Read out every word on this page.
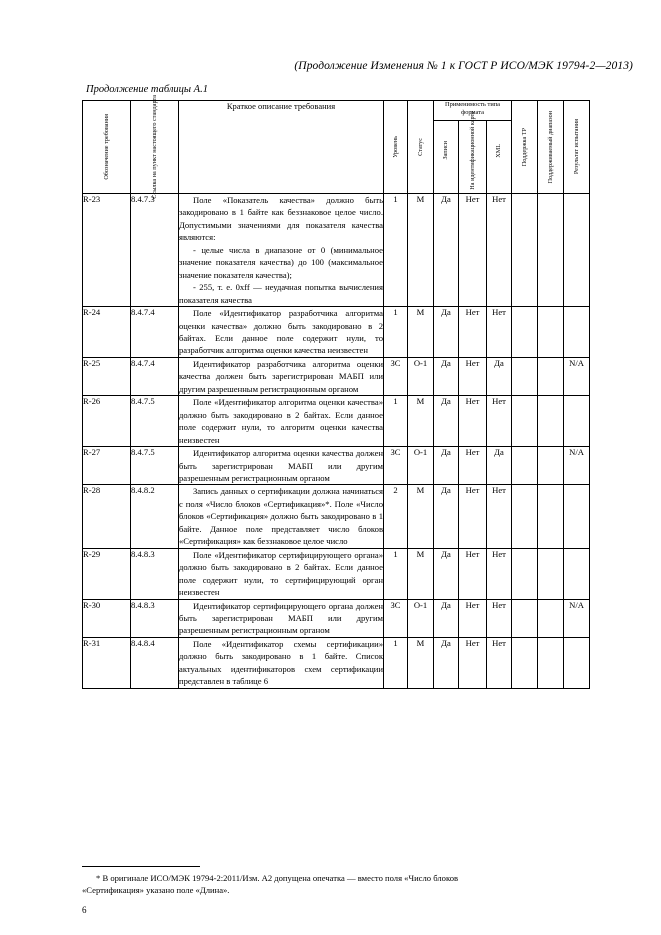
(Продолжение Изменения № 1 к ГОСТ Р ИСО/МЭК 19794-2—2013)
Продолжение таблицы А.1
Обозначение требования	Ссылка на пункт настоящего стандарта	Краткое описание требования	Уровень	Статус	Применимость типа формата			Поддержка ТР	Поддерживаемый диапазон	Результат испытания

					Записи	На идентификационной карте	XML			

R-23	8.4.7.3	Поле «Показатель качества» должно быть закодировано в 1 байте как беззнаковое целое число. Допустимыми значениями для показателя качества являются:

- целые числа в диапазоне от 0 (минимальное значение показателя качества) до 100 (максимальное значение показателя качества);

- 255, т. е. 0xff — неудачная попытка вычисления показателя качества	1	М	Да	Нет	Нет			
R-24	8.4.7.4	Поле «Идентификатор разработчика алгоритма оценки качества» должно быть закодировано в 2 байтах. Если данное поле содержит нули, то разработчик алгоритма оценки качества неизвестен	1	М	Да	Нет	Нет			
R-25	8.4.7.4	Идентификатор разработчика алгоритма оценки качества должен быть зарегистрирован МАБП или другим разрешенным регистрационным органом	ЗС	О-1	Да	Нет	Да			N/A
R-26	8.4.7.5	Поле «Идентификатор алгоритма оценки качества» должно быть закодировано в 2 байтах. Если данное поле содержит нули, то алгоритм оценки качества неизвестен	1	М	Да	Нет	Нет			
R-27	8.4.7.5	Идентификатор алгоритма оценки качества должен быть зарегистрирован МАБП или другим разрешенным регистрационным органом	ЗС	О-1	Да	Нет	Да			N/A
R-28	8.4.8.2	Запись данных о сертификации должна начинаться с поля «Число блоков «Сертификация»*. Поле «Число блоков «Сертификация» должно быть закодировано в 1 байте. Данное поле представляет число блоков «Сертификация» как беззнаковое целое число	2	М	Да	Нет	Нет			
R-29	8.4.8.3	Поле «Идентификатор сертифицирующего органа» должно быть закодировано в 2 байтах. Если данное поле содержит нули, то сертифицирующий орган неизвестен	1	М	Да	Нет	Нет			
R-30	8.4.8.3	Идентификатор сертифицирующего органа должен быть зарегистрирован МАБП или другим разрешенным регистрационным органом	ЗС	О-1	Да	Нет	Нет			N/A
R-31	8.4.8.4	Поле «Идентификатор схемы сертификации» должно быть закодировано в 1 байте. Список актуальных идентификаторов схем сертификации представлен в таблице 6	1	М	Да	Нет	Нет			

* В оригинале ИСО/МЭК 19794-2:2011/Изм. А2 допущена опечатка — вместо поля «Число блоков

«Сертификация» указано поле «Длина».

6
